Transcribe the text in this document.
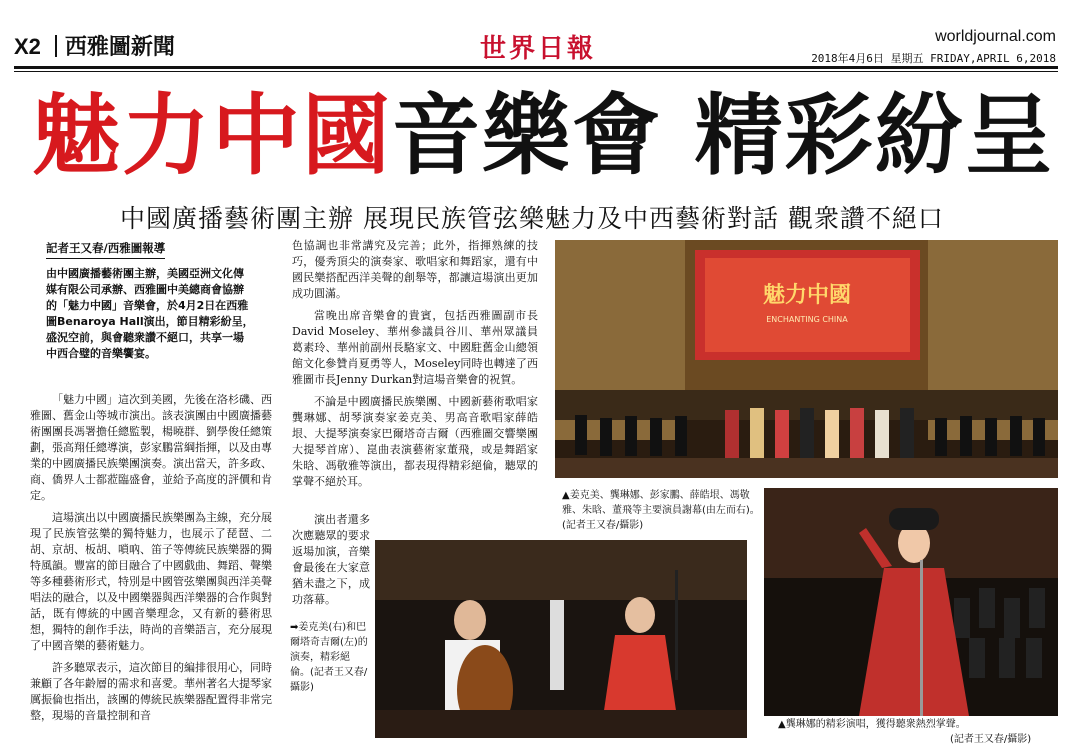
X2 西雅圖新聞	世界日報	worldjournal.com
2018年4月6日 星期五 FRIDAY,APRIL 6,2018
魅力中國音樂會 精彩紛呈
中國廣播藝術團主辦 展現民族管弦樂魅力及中西藝術對話 觀衆讚不絕口
記者王又春/西雅圖報導
由中國廣播藝術團主辦，美國亞洲文化傳媒有限公司承辦、西雅圖中美總商會協辦的「魅力中國」音樂會，於4月2日在西雅圖Benaroya Hall演出，節目精彩紛呈，盛況空前，與會聽衆讚不絕口，共享一場中西合璧的音樂饗宴。

「魅力中國」這次到美國，先後在洛杉磯、西雅圖、舊金山等城市演出。該表演團由中國廣播藝術團團長馮署擔任總監製，楊曉群、劉學俊任總策劃，張高翔任總導演，彭家鵬當綱指揮，以及由專業的中國廣播民族樂團演奏。演出當天，許多政、商、僑界人士都蒞臨盛會，並給予高度的評價和肯定。

這場演出以中國廣播民族樂團為主線，充分展現了民族管弦樂的獨特魅力，也展示了琵琶、二胡、京胡、板胡、嗩吶、笛子等傳統民族樂器的獨特風韻。豐富的節目融合了中國戲曲、舞蹈、聲樂等多種藝術形式，特別是中國管弦樂團與西洋美聲唱法的融合，以及中國樂器與西洋樂器的合作與對話，既有傳統的中國音樂理念，又有新的藝術思想，獨特的創作手法，時尚的音樂語言，充分展現了中國音樂的藝術魅力。

許多聽眾表示，這次節目的編排很用心，同時兼顧了各年齡層的需求和喜愛。華州著名大提琴家厲振倫也指出，該團的傳統民族樂器配置得非常完整，現場的音量控制和音

色協調也非常講究及完善；此外，指揮熟練的技巧，優秀頂尖的演奏家、歌唱家和舞蹈家，還有中國民樂搭配西洋美聲的創舉等，都讓這場演出更加成功圓滿。

當晚出席音樂會的貴賓，包括西雅圖副市長David Moseley、華州參議員谷川、華州眾議員葛素玲、華州前副州長駱家文、中國駐舊金山總領館文化參贊肖夏勇等人，Moseley同時也轉達了西雅圖市長Jenny Durkan對這場音樂會的祝賀。

不論是中國廣播民族樂團、中國新藝術歌唱家龔琳娜、胡琴演奏家姜克美、男高音歌唱家薛皓垠、大提琴演奏家巴爾塔奇吉爾（西雅圖交響樂團大提琴首席）、崑曲表演藝術家董飛，或是舞蹈家朱晗、馮敬雅等演出，都表現得精彩絕倫，聽眾的掌聲不絕於耳。

演出者還多次應聽眾的要求返場加演，音樂會最後在大家意猶未盡之下，成功落幕。

魅力中國
ENCHANTING CHINA
▲姜克美、龔琳娜、彭家鵬、薛皓垠、馮敬雅、朱晗、董飛等主要演員謝幕(由左而右)。 (記者王又春/攝影)
➡姜克美(右)和巴爾塔奇吉爾(左)的演奏，精彩絕倫。(記者王又春/攝影)
▲龔琳娜的精彩演唱，獲得聽衆熱烈掌聲。
(記者王又春/攝影)
